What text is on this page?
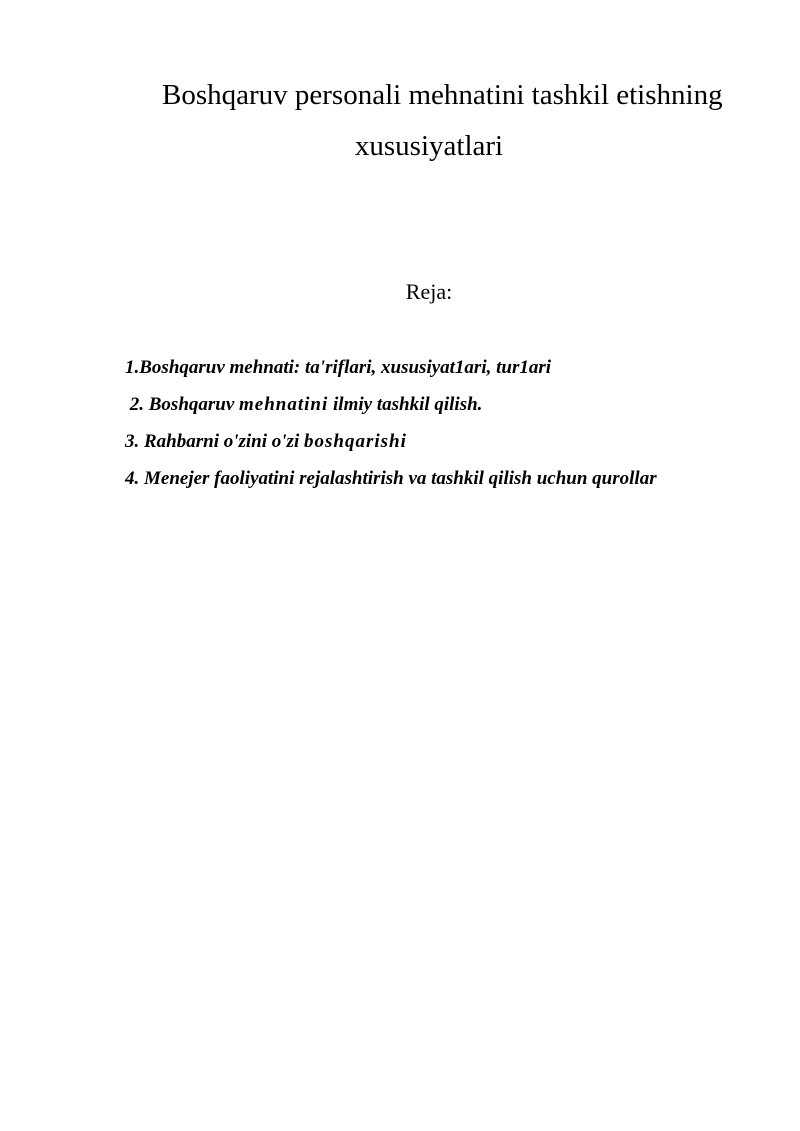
Boshqaruv personali mehnatini tashkil etishning
xususiyatlari
Reja:
1.Boshqaruv mehnati: ta'riflari, xususiyat1ari, tur1ari
2. Boshqaruv mehnatini ilmiy tashkil qilish.
3. Rahbarni o'zini o'zi boshqarishi
4. Menejer faoliyatini rejalashtirish va tashkil qilish uchun qurollar
